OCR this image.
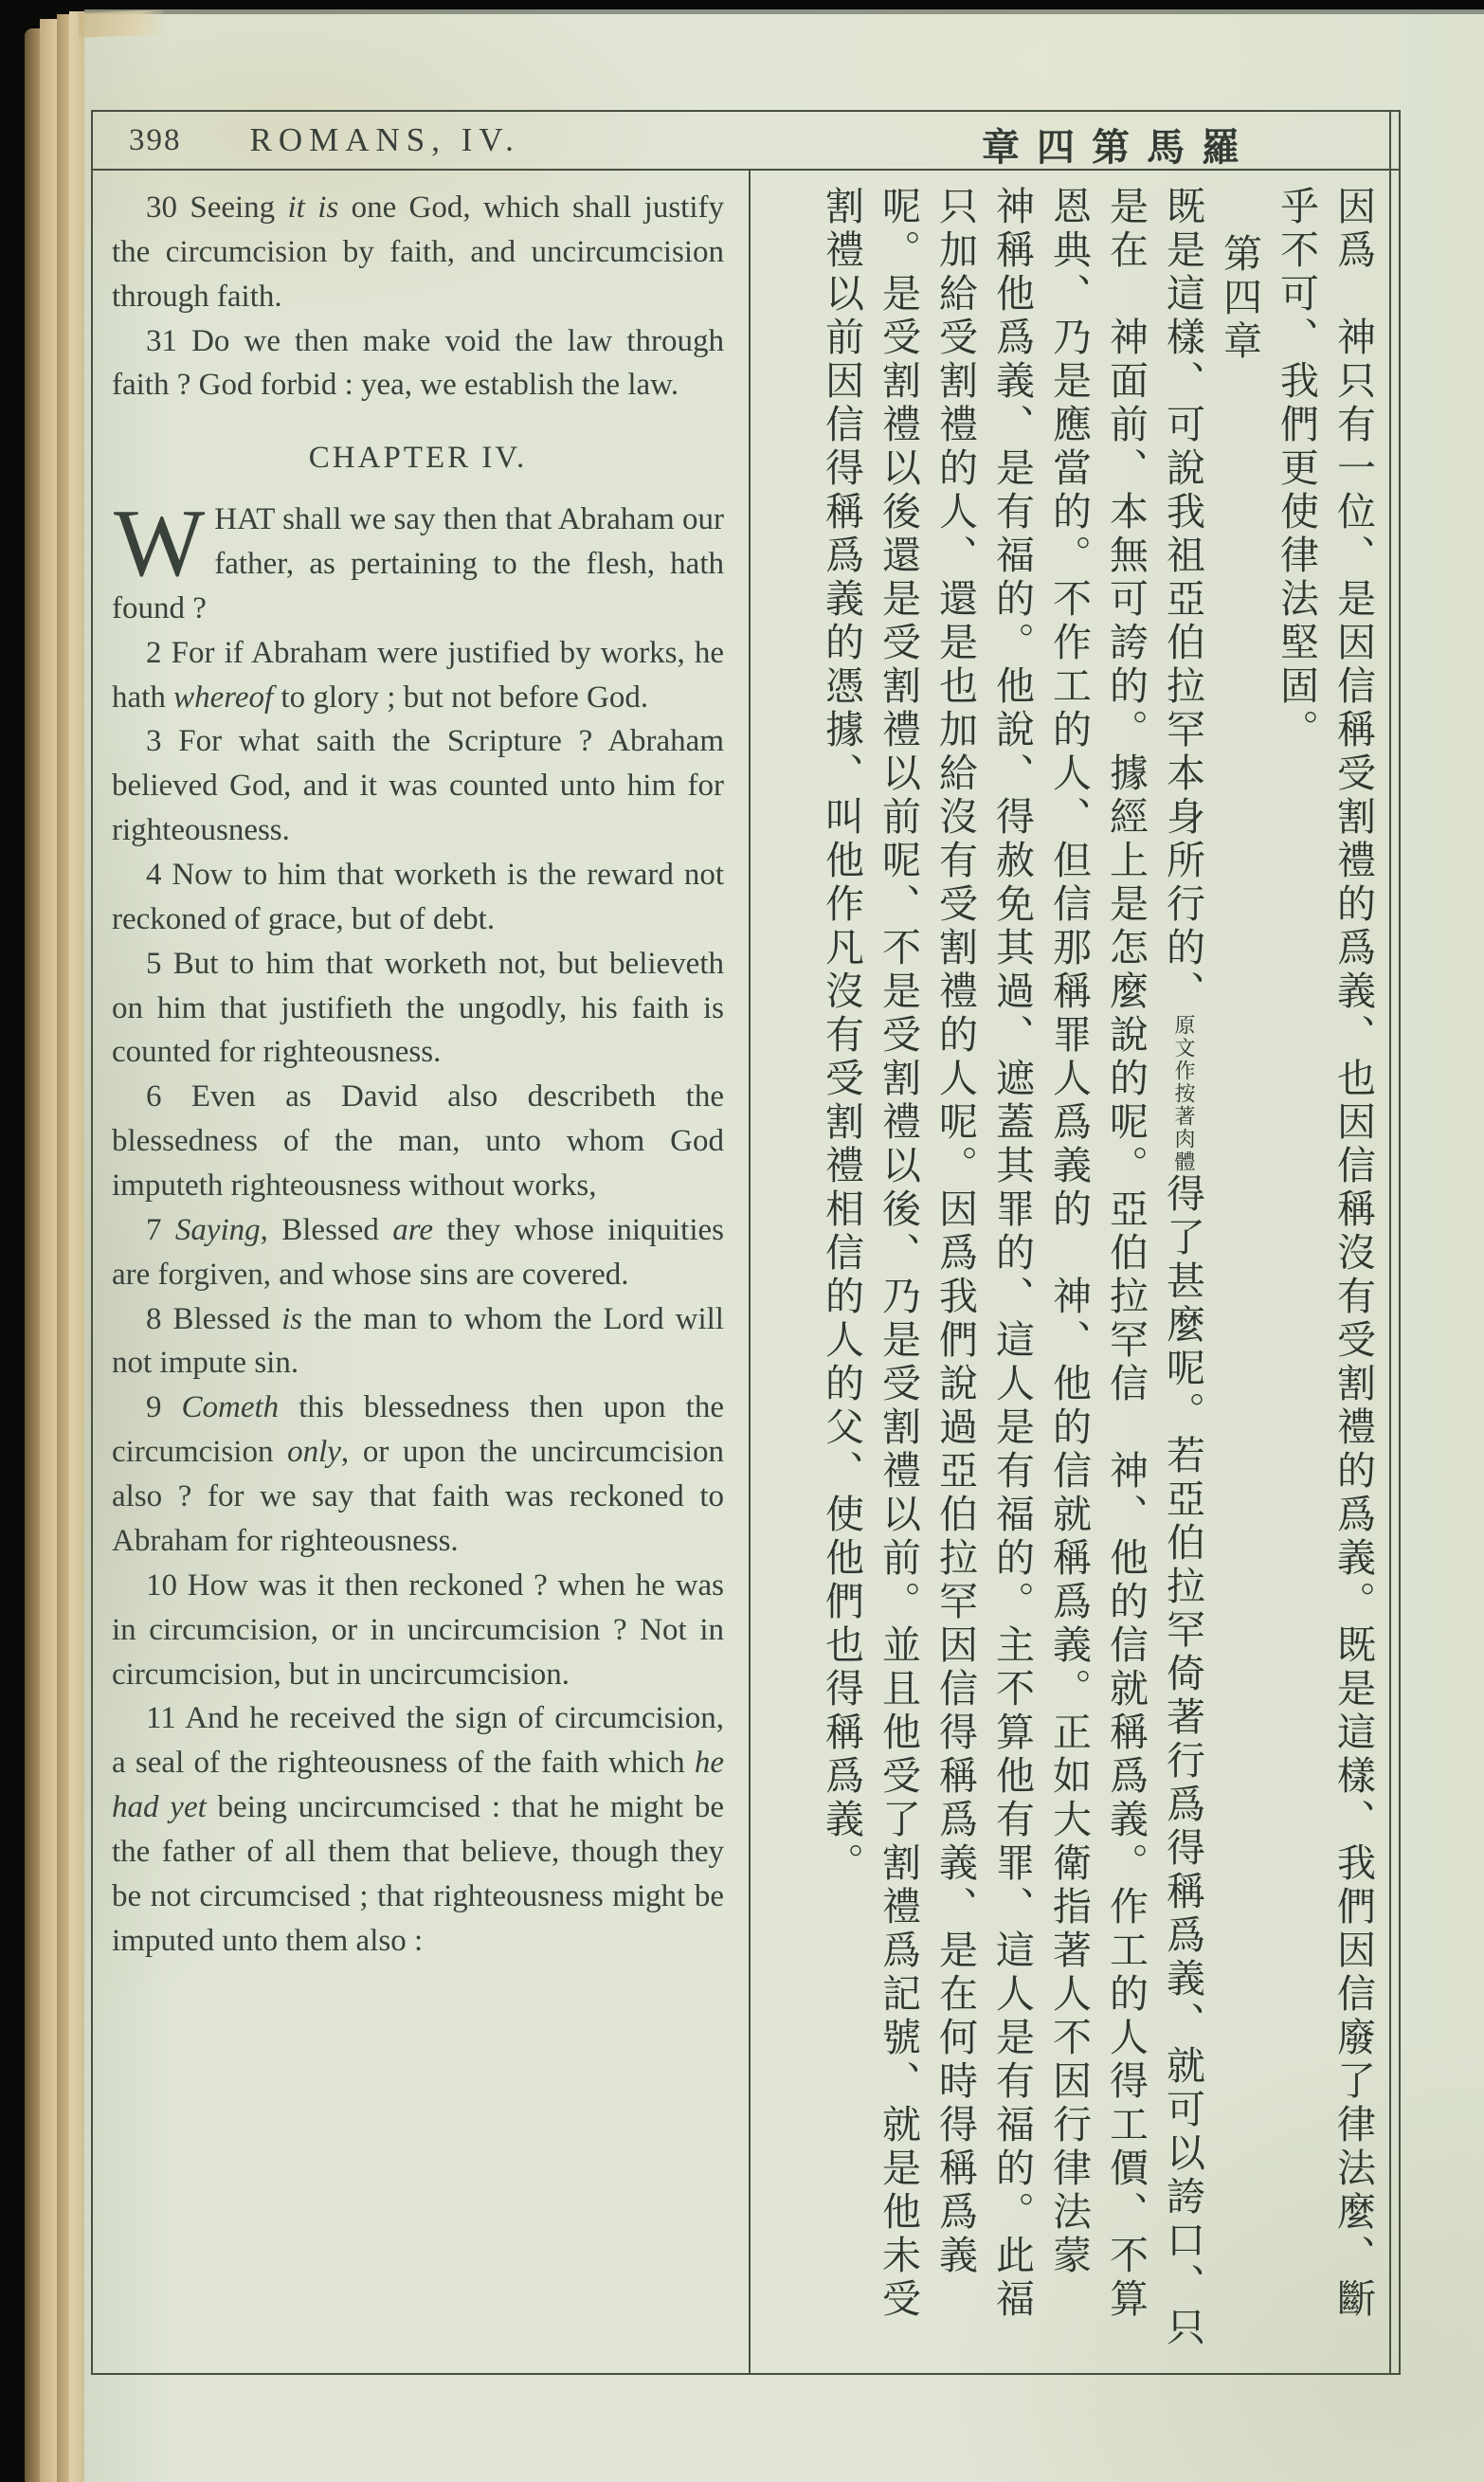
398 ROMANS, IV.	章四第馬羅

30 Seeing it is one God, which shall justify the circumcision by faith, and uncircumcision through faith.

31 Do we then make void the law through faith ? God forbid : yea, we establish the law.

CHAPTER IV.

WHAT shall we say then that Abraham our father, as pertaining to the flesh, hath found ?

2 For if Abraham were justified by works, he hath whereof to glory ; but not before God.

3 For what saith the Scripture ? Abraham believed God, and it was counted unto him for righteousness.

4 Now to him that worketh is the reward not reckoned of grace, but of debt.

5 But to him that worketh not, but believeth on him that justifieth the ungodly, his faith is counted for righteousness.

6 Even as David also describeth the blessedness of the man, unto whom God imputeth righteousness without works,

7 Saying, Blessed are they whose iniquities are forgiven, and whose sins are covered.

8 Blessed is the man to whom the Lord will not impute sin.

9 Cometh this blessedness then upon the circumcision only, or upon the uncircumcision also ? for we say that faith was reckoned to Abraham for righteousness.

10 How was it then reckoned ? when he was in circumcision, or in uncircumcision ? Not in circumcision, but in uncircumcision.

11 And he received the sign of circumcision, a seal of the righteousness of the faith which he had yet being uncircumcised : that he might be the father of all them that believe, though they be not circumcised ; that righteousness might be imputed unto them also :	因爲　神只有一位、是因信稱受割禮的爲義、也因信稱沒有受割禮的爲義。既是這樣、我們因信廢了律法麼、斷乎不可、我們更使律法堅固。

第四章

既是這樣、可說我祖亞伯拉罕本身所行的、原文作按著肉體得了甚麼呢。若亞伯拉罕倚著行爲得稱爲義、就可以誇口、只是在　神面前、本無可誇的。據經上是怎麼說的呢。亞伯拉罕信　神、他的信就稱爲義。作工的人得工價、不算恩典、乃是應當的。不作工的人、但信那稱罪人爲義的　神、他的信就稱爲義。正如大衛指著人不因行律法蒙　神稱他爲義、是有福的。他說、得赦免其過、遮蓋其罪的、這人是有福的。主不算他有罪、這人是有福的。此福只加給受割禮的人、還是也加給沒有受割禮的人呢。因爲我們說過亞伯拉罕因信得稱爲義、是在何時得稱爲義呢。是受割禮以後還是受割禮以前呢、不是受割禮以後、乃是受割禮以前。並且他受了割禮爲記號、就是他未受割禮以前因信得稱爲義的憑據、叫他作凡沒有受割禮相信的人的父、使他們也得稱爲義。
